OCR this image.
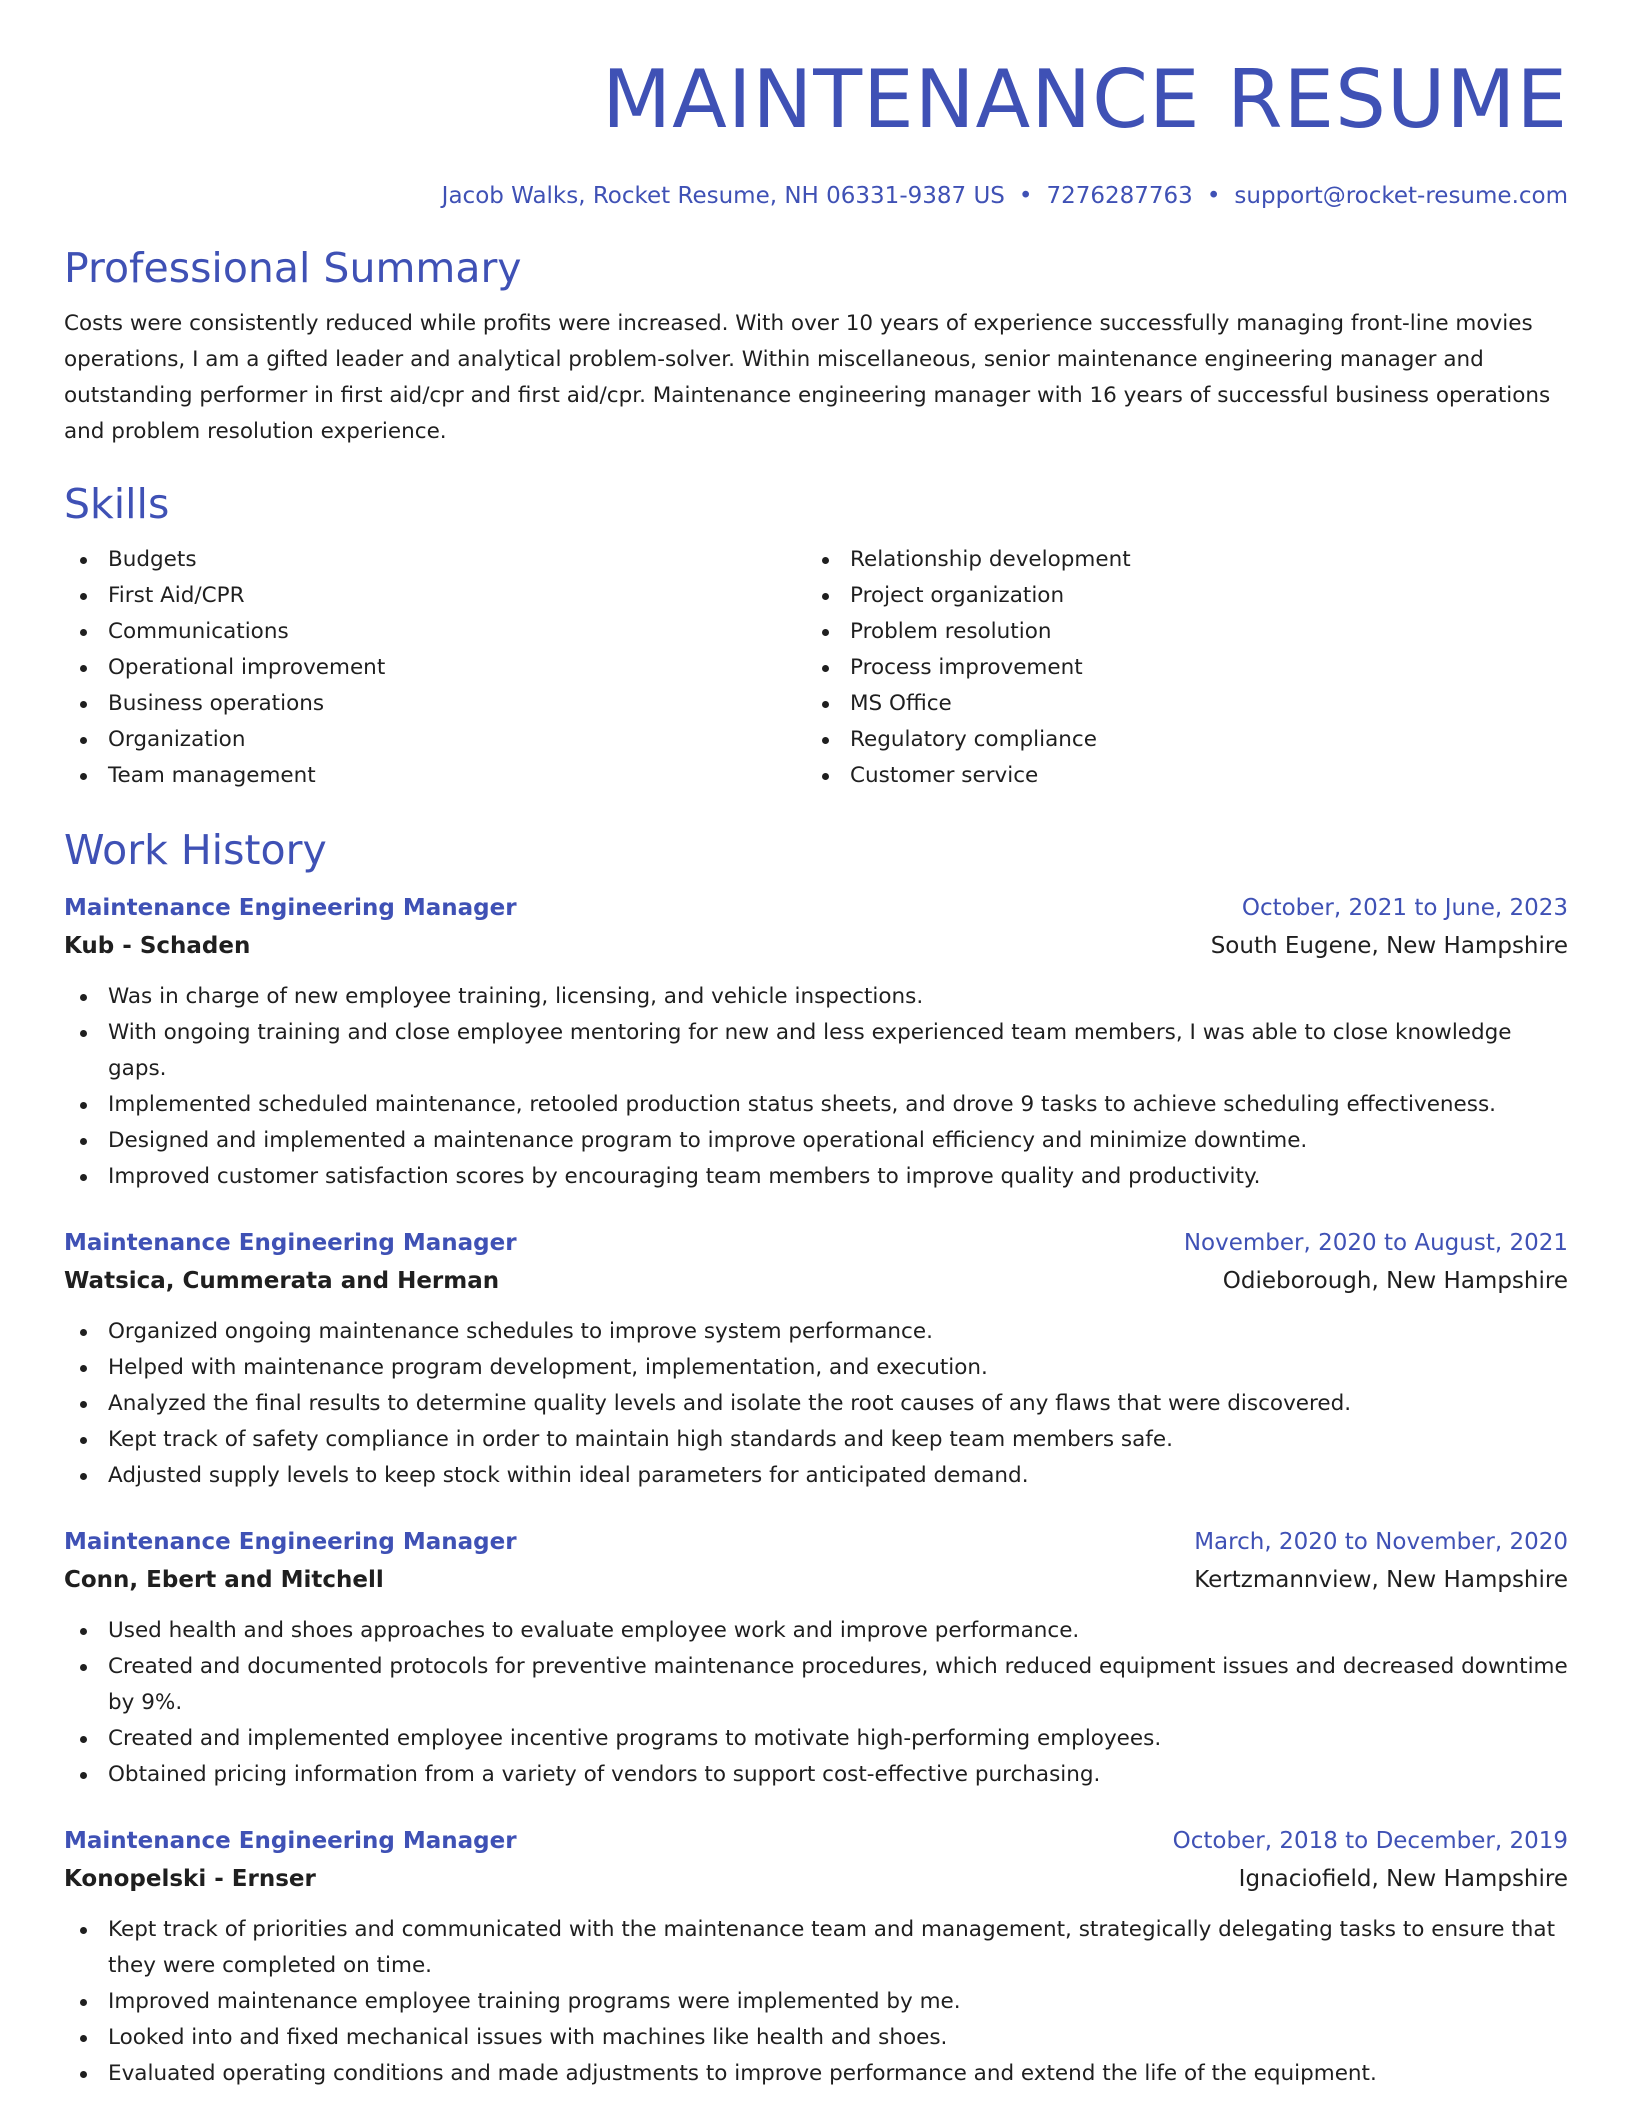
MAINTENANCE RESUME
Jacob Walks, Rocket Resume, NH 06331-9387 US • 7276287763 • support@rocket-resume.com
Professional Summary

Costs were consistently reduced while profits were increased. With over 10 years of experience successfully managing front-line movies operations, I am a gifted leader and analytical problem-solver. Within miscellaneous, senior maintenance engineering manager and outstanding performer in first aid/cpr and first aid/cpr. Maintenance engineering manager with 16 years of successful business operations and problem resolution experience.

Skills
Budgets
First Aid/CPR
Communications
Operational improvement
Business operations
Organization
Team management
Relationship development
Project organization
Problem resolution
Process improvement
MS Office
Regulatory compliance
Customer service
Work History
Maintenance Engineering Manager	October, 2021 to June, 2023
Kub - Schaden	South Eugene, New Hampshire
Was in charge of new employee training, licensing, and vehicle inspections.
With ongoing training and close employee mentoring for new and less experienced team members, I was able to close knowledge gaps.
Implemented scheduled maintenance, retooled production status sheets, and drove 9 tasks to achieve scheduling effectiveness.
Designed and implemented a maintenance program to improve operational efficiency and minimize downtime.
Improved customer satisfaction scores by encouraging team members to improve quality and productivity.
Maintenance Engineering Manager	November, 2020 to August, 2021
Watsica, Cummerata and Herman	Odieborough, New Hampshire
Organized ongoing maintenance schedules to improve system performance.
Helped with maintenance program development, implementation, and execution.
Analyzed the final results to determine quality levels and isolate the root causes of any flaws that were discovered.
Kept track of safety compliance in order to maintain high standards and keep team members safe.
Adjusted supply levels to keep stock within ideal parameters for anticipated demand.
Maintenance Engineering Manager	March, 2020 to November, 2020
Conn, Ebert and Mitchell	Kertzmannview, New Hampshire
Used health and shoes approaches to evaluate employee work and improve performance.
Created and documented protocols for preventive maintenance procedures, which reduced equipment issues and decreased downtime by 9%.
Created and implemented employee incentive programs to motivate high-performing employees.
Obtained pricing information from a variety of vendors to support cost-effective purchasing.
Maintenance Engineering Manager	October, 2018 to December, 2019
Konopelski - Ernser	Ignaciofield, New Hampshire
Kept track of priorities and communicated with the maintenance team and management, strategically delegating tasks to ensure that they were completed on time.
Improved maintenance employee training programs were implemented by me.
Looked into and fixed mechanical issues with machines like health and shoes.
Evaluated operating conditions and made adjustments to improve performance and extend the life of the equipment.
